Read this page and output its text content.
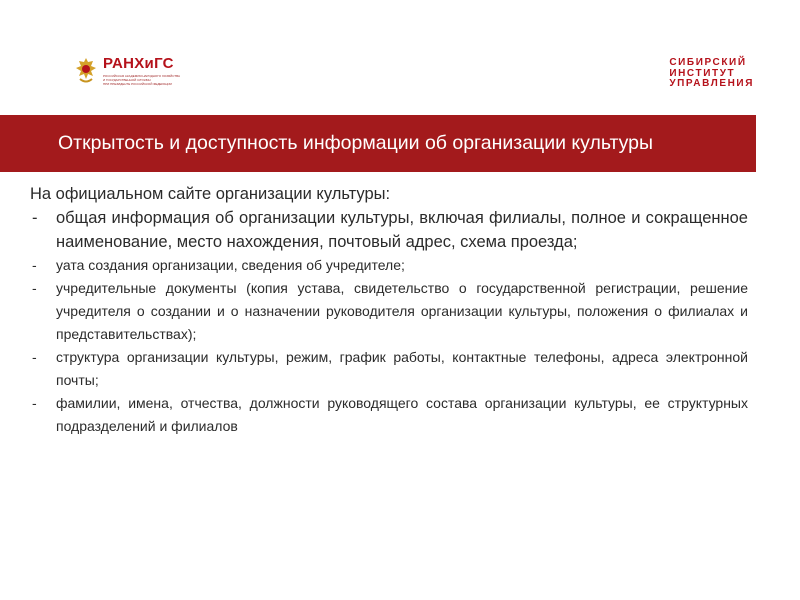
РАНХиГС
РОССИЙСКАЯ АКАДЕМИЯ НАРОДНОГО ХОЗЯЙСТВА
И ГОСУДАРСТВЕННОЙ СЛУЖБЫ
ПРИ ПРЕЗИДЕНТЕ РОССИЙСКОЙ ФЕДЕРАЦИИ
СИБИРСКИЙ
ИНСТИТУТ
УПРАВЛЕНИЯ
Открытость и доступность информации об организации культуры
На официальном сайте организации культуры:
- общая информация об организации культуры, включая филиалы, полное и сокращенное наименование, место нахождения, почтовый адрес, схема проезда;
- уата создания организации, сведения об учредителе;
- учредительные документы (копия устава, свидетельство о государственной регистрации, решение учредителя о создании и о назначении руководителя организации культуры, положения о филиалах и представительствах);
- структура организации культуры, режим, график работы, контактные телефоны, адреса электронной почты;
- фамилии, имена, отчества, должности руководящего состава организации культуры, ее структурных подразделений и филиалов
